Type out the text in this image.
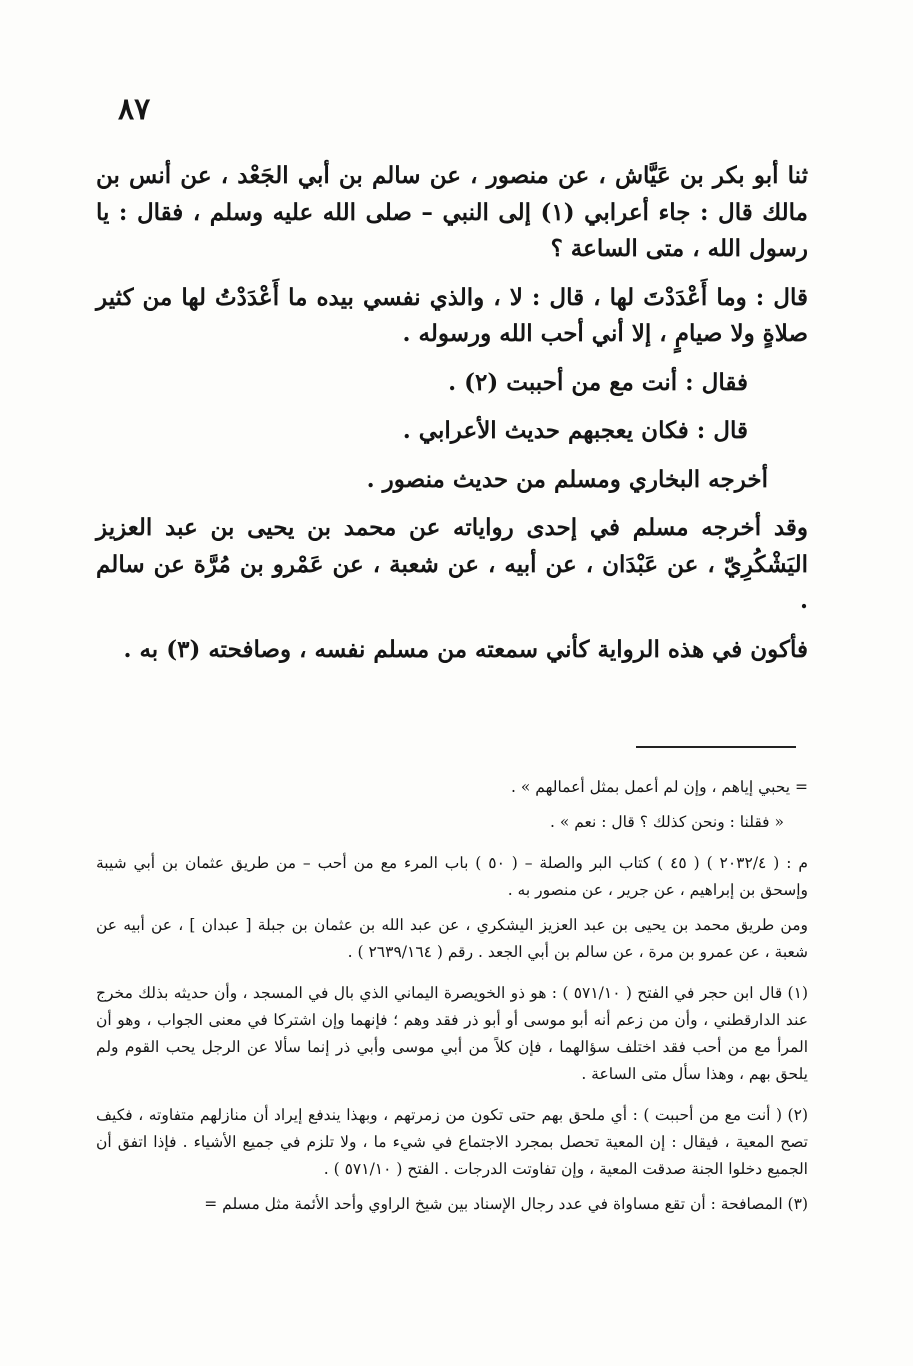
٨٧

ثنا أبو بكر بن عَيَّاش ، عن منصور ، عن سالم بن أبي الجَعْد ، عن أنس بن مالك قال : جاء أعرابي (١) إلى النبي – صلى الله عليه وسلم ، فقال : يا رسول الله ، متى الساعة ؟

قال : وما أَعْدَدْتَ لها ، قال : لا ، والذي نفسي بيده ما أَعْدَدْتُ لها من كثير صلاةٍ ولا صيامٍ ، إلا أني أحب الله ورسوله .

فقال : أنت مع من أحببت (٢) .

قال : فكان يعجبهم حديث الأعرابي .

أخرجه البخاري ومسلم من حديث منصور .

وقد أخرجه مسلم في إحدى رواياته عن محمد بن يحيى بن عبد العزيز اليَشْكُرِيّ ، عن عَبْدَان ، عن أبيه ، عن شعبة ، عن عَمْرو بن مُرَّة عن سالم .

فأكون في هذه الرواية كأني سمعته من مسلم نفسه ، وصافحته (٣) به .

= يحبي إياهم ، وإن لم أعمل بمثل أعمالهم » .

« فقلنا : ونحن كذلك ؟ قال : نعم » .

م : ( ٢٠٣٢/٤ ) ( ٤٥ ) كتاب البر والصلة – ( ٥٠ ) باب المرء مع من أحب – من طريق عثمان بن أبي شيبة وإسحق بن إبراهيم ، عن جرير ، عن منصور به .

ومن طريق محمد بن يحيى بن عبد العزيز اليشكري ، عن عبد الله بن عثمان بن جبلة [ عبدان ] ، عن أبيه عن شعبة ، عن عمرو بن مرة ، عن سالم بن أبي الجعد . رقم ( ٢٦٣٩/١٦٤ ) .

(١) قال ابن حجر في الفتح ( ٥٧١/١٠ ) : هو ذو الخويصرة اليماني الذي بال في المسجد ، وأن حديثه بذلك مخرج عند الدارقطني ، وأن من زعم أنه أبو موسى أو أبو ذر فقد وهم ؛ فإنهما وإن اشتركا في معنى الجواب ، وهو أن المرأ مع من أحب فقد اختلف سؤالهما ، فإن كلاً من أبي موسى وأبي ذر إنما سألا عن الرجل يحب القوم ولم يلحق بهم ، وهذا سأل متى الساعة .

(٢) ( أنت مع من أحببت ) : أي ملحق بهم حتى تكون من زمرتهم ، وبهذا يندفع إيراد أن منازلهم متفاوته ، فكيف تصح المعية ، فيقال : إن المعية تحصل بمجرد الاجتماع في شيء ما ، ولا تلزم في جميع الأشياء . فإذا اتفق أن الجميع دخلوا الجنة صدقت المعية ، وإن تفاوتت الدرجات . الفتح ( ٥٧١/١٠ ) .

(٣) المصافحة : أن تقع مساواة في عدد رجال الإسناد بين شيخ الراوي وأحد الأئمة مثل مسلم =
